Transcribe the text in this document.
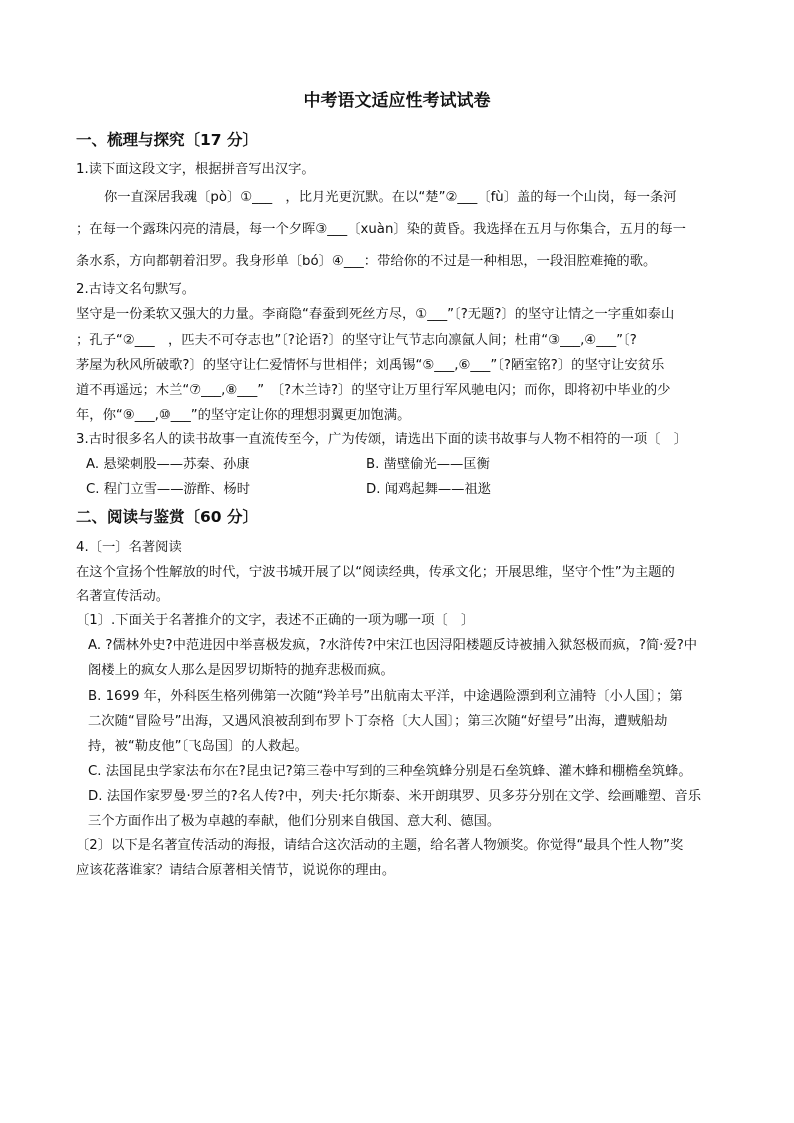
中考语文适应性考试试卷
一、梳理与探究〔17 分〕
1.读下面这段文字，根据拼音写出汉字。
你一直深居我魂〔pò〕①___　，比月光更沉默。在以“楚”②___〔fù〕盖的每一个山岗，每一条河
；在每一个露珠闪亮的清晨，每一个夕晖③___〔xuàn〕染的黄昏。我选择在五月与你集合，五月的每一
条水系，方向都朝着汨罗。我身形单〔bó〕④___：带给你的不过是一种相思，一段泪腔难掩的歌。
2.古诗文名句默写。
坚守是一份柔软又强大的力量。李商隐“春蚕到死丝方尽，①___”〔?无题?〕的坚守让情之一字重如泰山
；孔子“②___　，匹夫不可夺志也”〔?论语?〕的坚守让气节志向凛氤人间；杜甫“③___,④___”〔?
茅屋为秋风所破歌?〕的坚守让仁爱情怀与世相伴；刘禹锡“⑤___,⑥___”〔?陋室铭?〕的坚守让安贫乐
道不再遥远；木兰“⑦___,⑧___”　〔?木兰诗?〕的坚守让万里行军风驰电闪；而你，即将初中毕业的少
年，你“⑨___,⑩___”的坚守定让你的理想羽翼更加饱满。
3.古时很多名人的读书故事一直流传至今，广为传颂，请选出下面的读书故事与人物不相符的一项〔　〕
A. 悬梁刺股——苏秦、孙康	B. 凿壁偷光——匡衡
C. 程门立雪——游酢、杨时	D. 闻鸡起舞——祖逖
二、阅读与鉴赏〔60 分〕
4.〔一〕名著阅读
在这个宣扬个性解放的时代，宁波书城开展了以“阅读经典，传承文化；开展思维，坚守个性”为主题的
名著宣传活动。
〔1〕.下面关于名著推介的文字，表述不正确的一项为哪一项〔　〕
A. ?儒林外史?中范进因中举喜极发疯，?水浒传?中宋江也因浔阳楼题反诗被捕入狱怒极而疯，?简·爱?中
阁楼上的疯女人那么是因罗切斯特的抛弃悲极而疯。
B. 1699 年，外科医生格列佛第一次随“羚羊号”出航南太平洋，中途遇险漂到利立浦特〔小人国〕；第
二次随“冒险号”出海，又遇风浪被刮到布罗卜丁奈格〔大人国〕；第三次随“好望号”出海，遭贼船劫
持，被“勒皮他”〔飞岛国〕的人救起。
C. 法国昆虫学家法布尔在?昆虫记?第三卷中写到的三种垒筑蜂分别是石垒筑蜂、灌木蜂和棚檐垒筑蜂。
D. 法国作家罗曼·罗兰的?名人传?中，列夫·托尔斯泰、米开朗琪罗、贝多芬分别在文学、绘画雕塑、音乐
三个方面作出了极为卓越的奉献，他们分别来自俄国、意大利、德国。
〔2〕以下是名著宣传活动的海报，请结合这次活动的主题，给名著人物颁奖。你觉得“最具个性人物”奖
应该花落谁家？请结合原著相关情节，说说你的理由。
